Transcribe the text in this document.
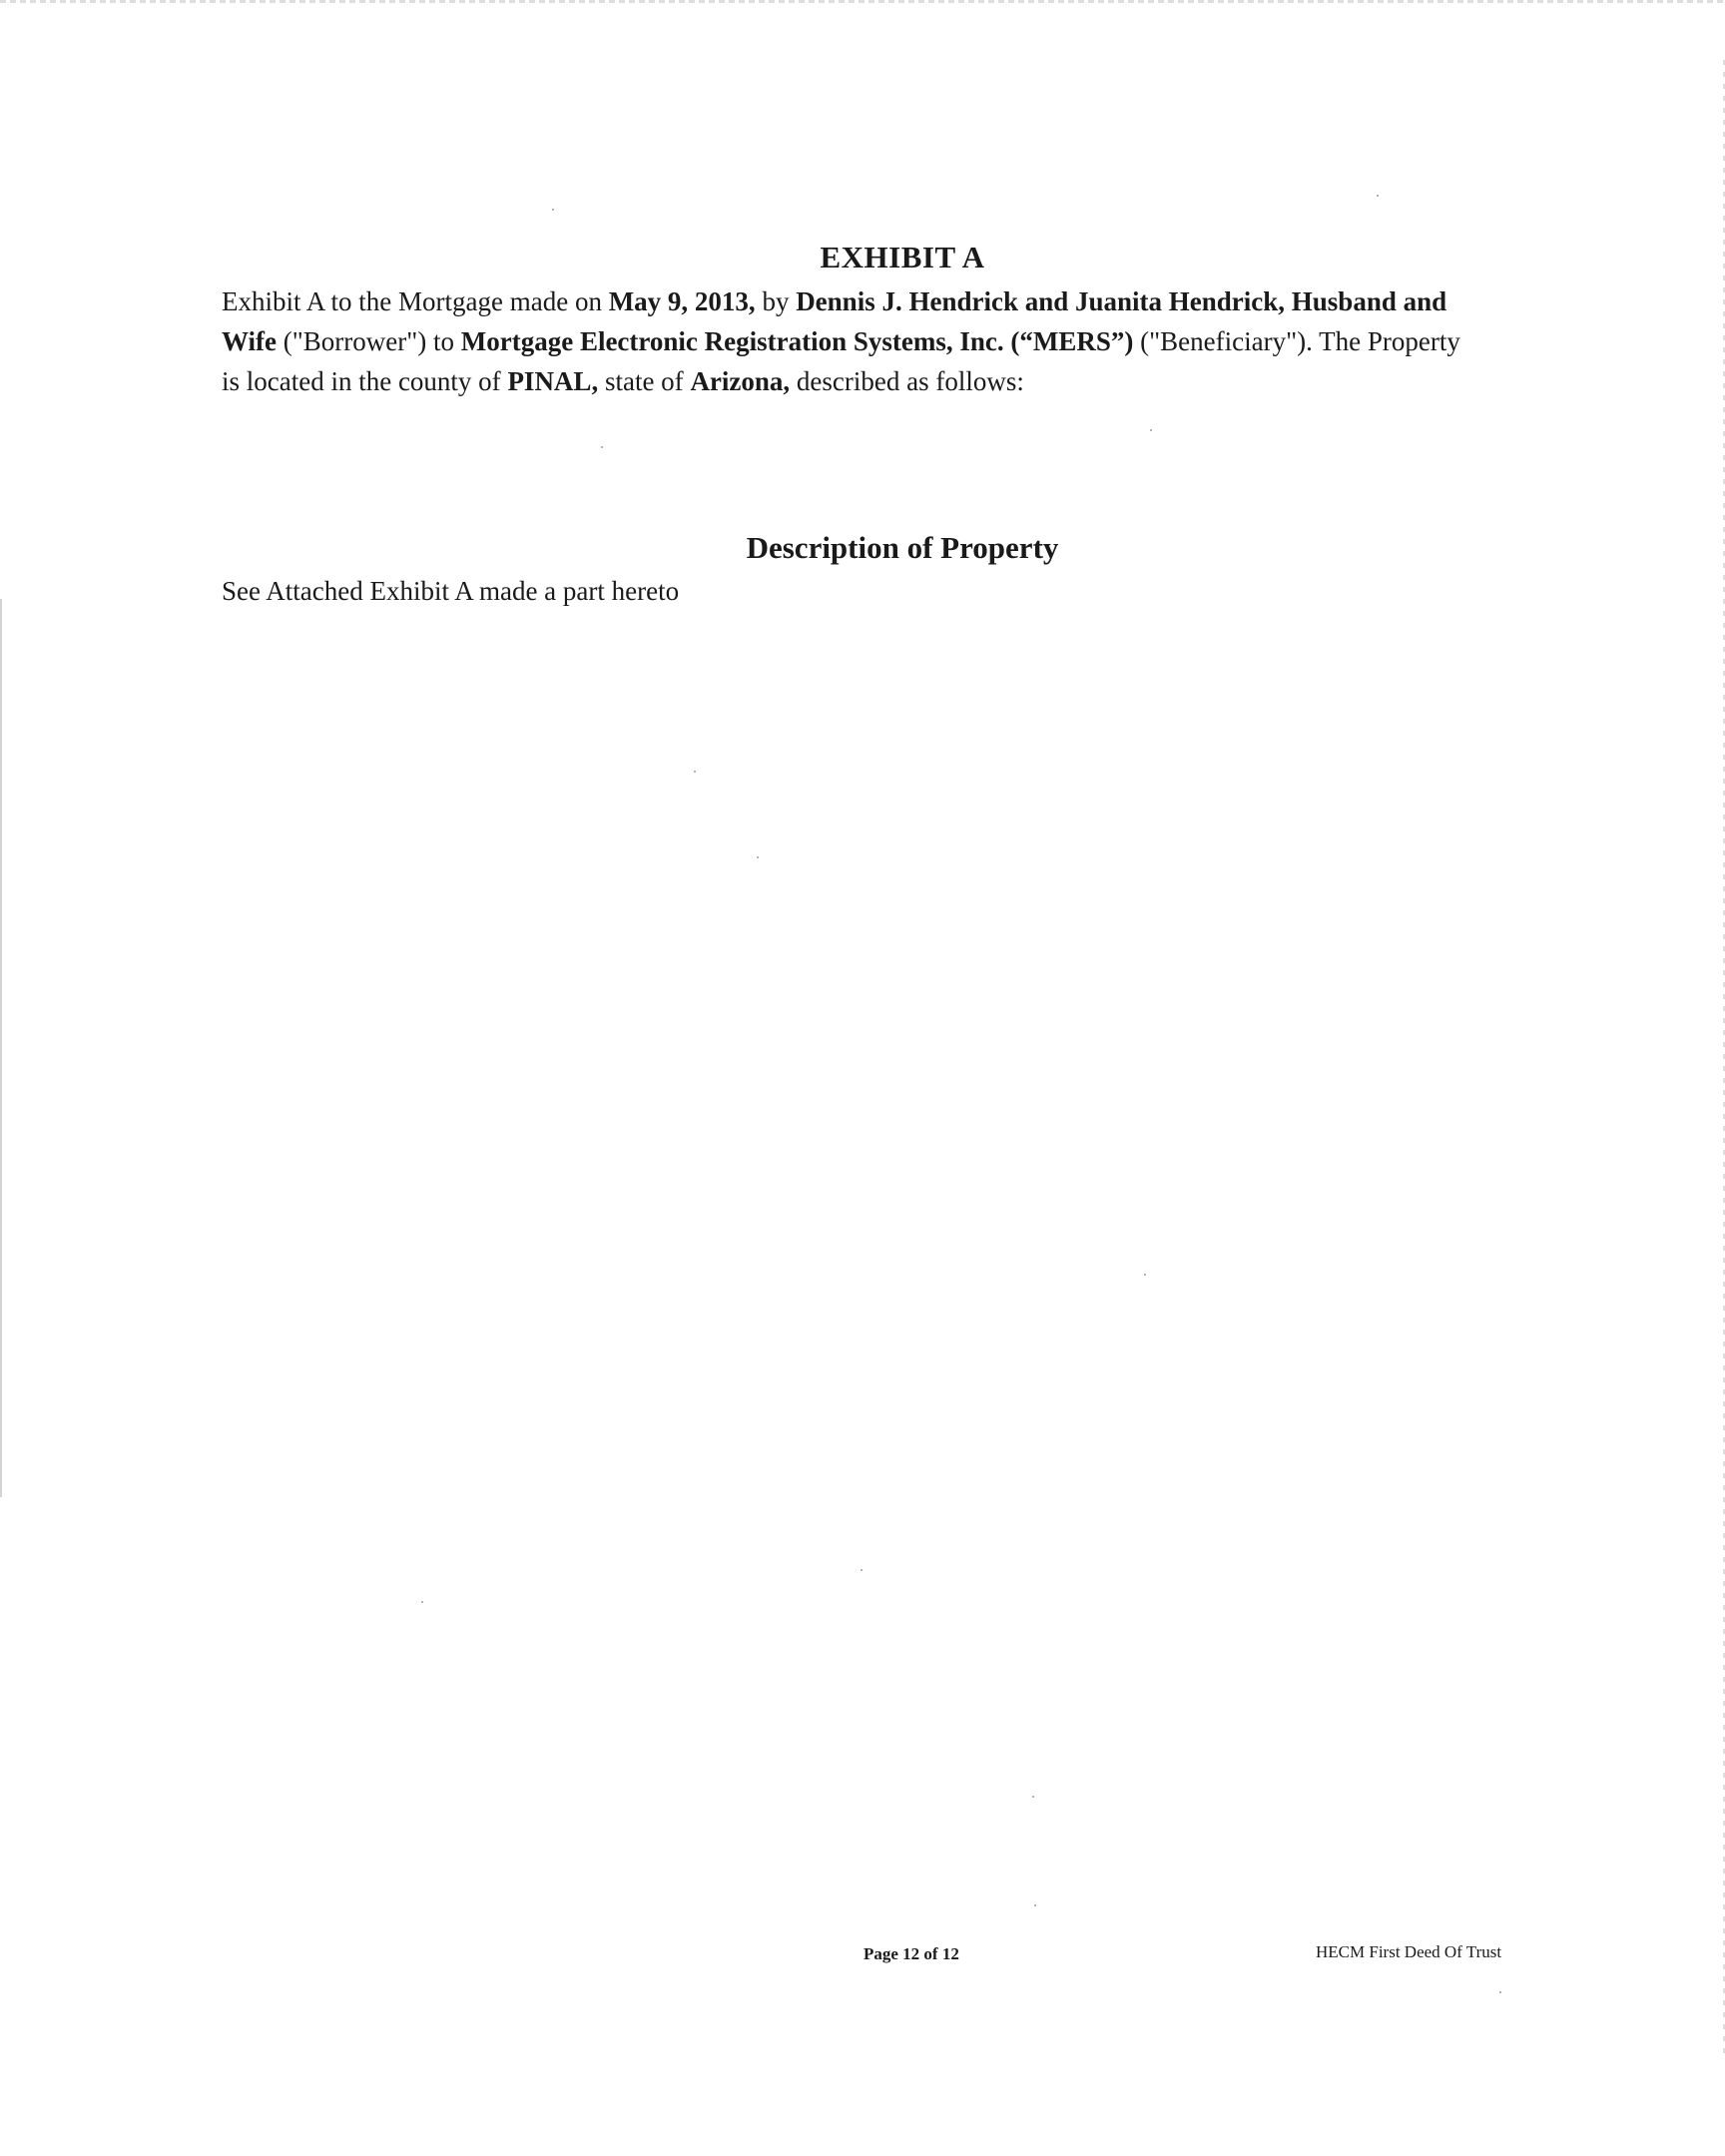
EXHIBIT A
Exhibit A to the Mortgage made on May 9, 2013, by Dennis J. Hendrick and Juanita Hendrick, Husband and Wife ("Borrower") to Mortgage Electronic Registration Systems, Inc. (“MERS”) ("Beneficiary"). The Property is located in the county of PINAL, state of Arizona, described as follows:
Description of Property
See Attached Exhibit A made a part hereto
Page 12 of 12	HECM First Deed Of Trust
